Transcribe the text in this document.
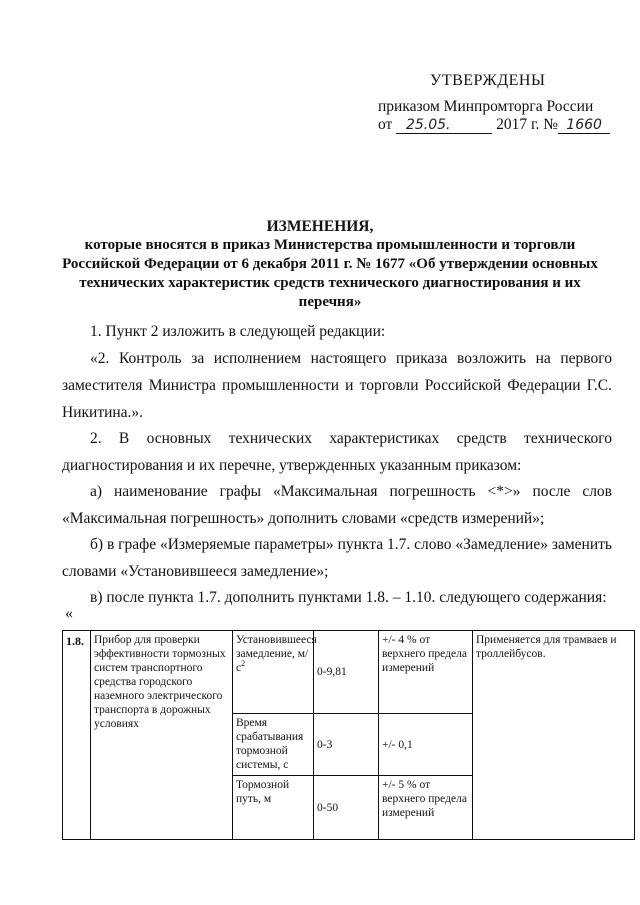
УТВЕРЖДЕНЫ
приказом Минпромторга России
от 25.05.	2017 г. № 1660
ИЗМЕНЕНИЯ,
которые вносятся в приказ Министерства промышленности и торговли Российской Федерации от 6 декабря 2011 г. № 1677 «Об утверждении основных технических характеристик средств технического диагностирования и их перечня»
1. Пункт 2 изложить в следующей редакции:
«2. Контроль за исполнением настоящего приказа возложить на первого заместителя Министра промышленности и торговли Российской Федерации Г.С. Никитина.».
2. В основных технических характеристиках средств технического диагностирования и их перечне, утвержденных указанным приказом:
а) наименование графы «Максимальная погрешность <*>» после слов «Максимальная погрешность» дополнить словами «средств измерений»;
б) в графе «Измеряемые параметры» пункта 1.7. слово «Замедление» заменить словами «Установившееся замедление»;
в) после пункта 1.7. дополнить пунктами 1.8. – 1.10. следующего содержания:
«
1.8.	Прибор для проверки эффективности тормозных систем транспортного средства городского наземного электрического транспорта в дорожных условиях	Установившееся замедление, $м/с^2$	0-9,81	+/- 4 % от верхнего предела измерений	Применяется для трамваев и троллейбусов.
		Время срабатывания тормозной системы, с	0-3	+/- 0,1	
		Тормозной путь, м	0-50	+/- 5 % от верхнего предела измерений	
